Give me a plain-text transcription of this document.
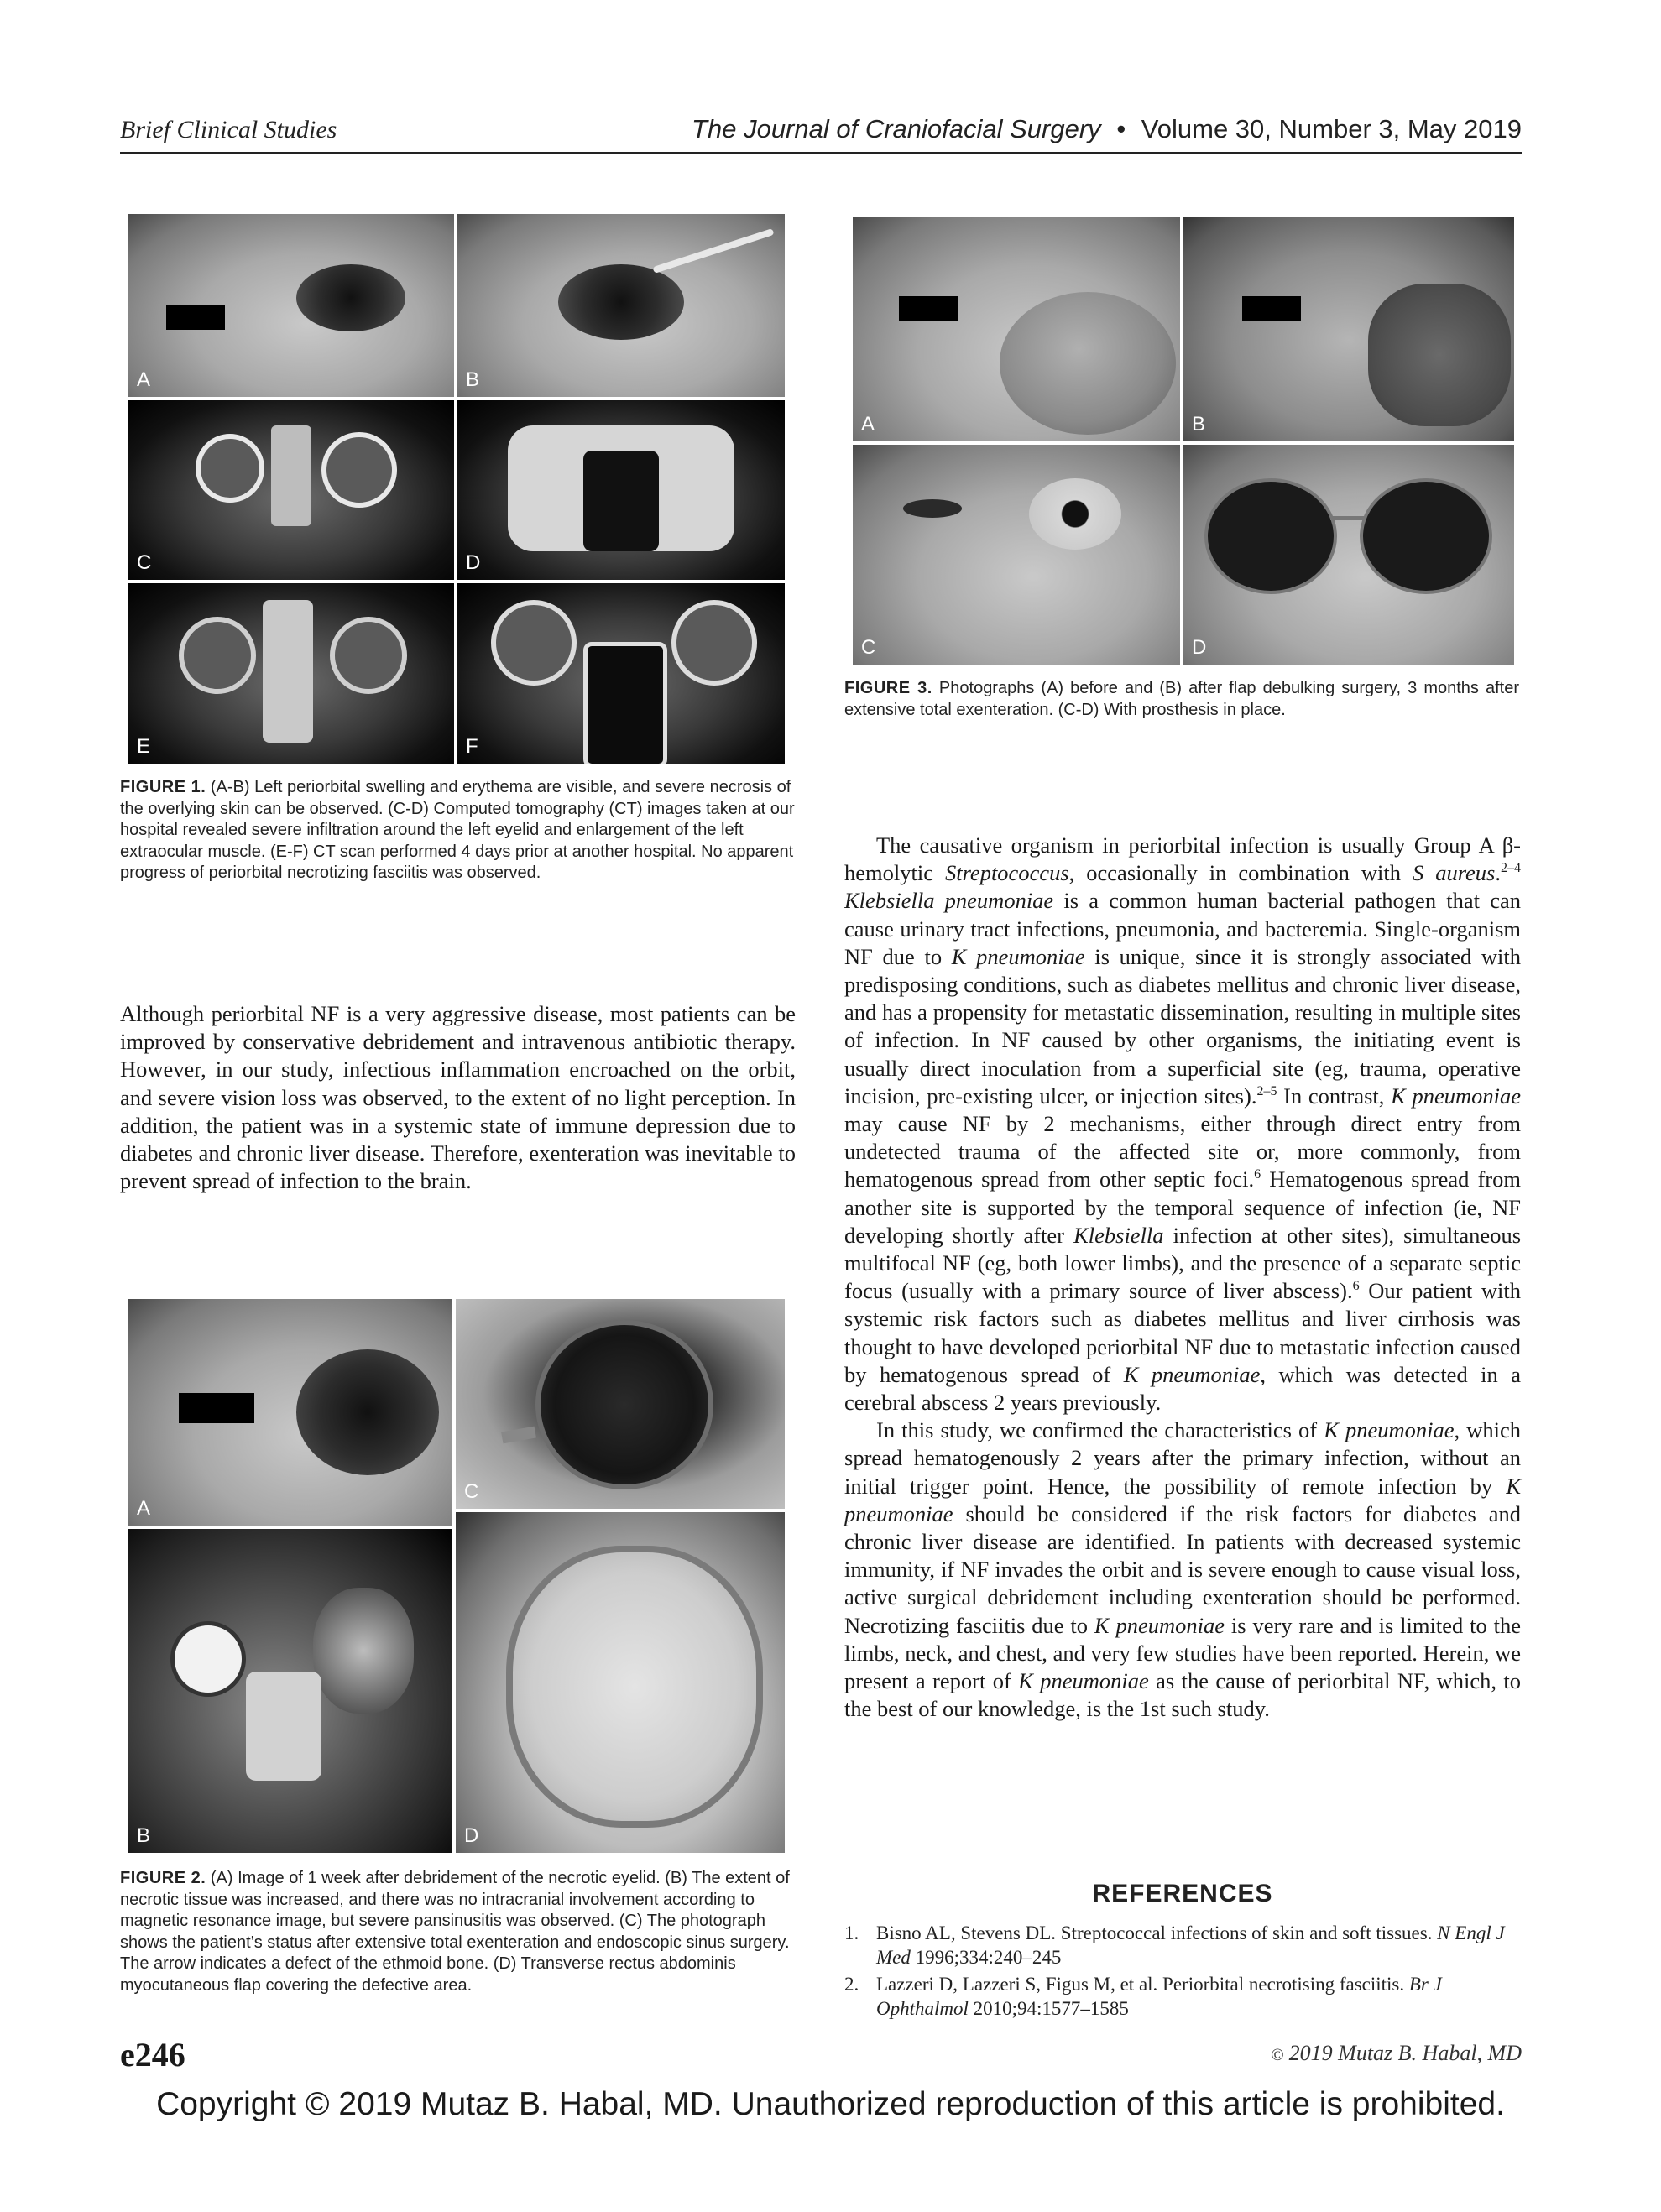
Brief Clinical Studies	The Journal of Craniofacial Surgery • Volume 30, Number 3, May 2019
A	B
C	D
E	F
FIGURE 1. (A-B) Left periorbital swelling and erythema are visible, and severe necrosis of the overlying skin can be observed. (C-D) Computed tomography (CT) images taken at our hospital revealed severe infiltration around the left eyelid and enlargement of the left extraocular muscle. (E-F) CT scan performed 4 days prior at another hospital. No apparent progress of periorbital necrotizing fasciitis was observed.
A	B
C	D
FIGURE 3. Photographs (A) before and (B) after flap debulking surgery, 3 months after extensive total exenteration. (C-D) With prosthesis in place.

Although periorbital NF is a very aggressive disease, most patients can be improved by conservative debridement and intravenous antibiotic therapy. However, in our study, infectious inflammation encroached on the orbit, and severe vision loss was observed, to the extent of no light perception. In addition, the patient was in a systemic state of immune depression due to diabetes and chronic liver disease. Therefore, exenteration was inevitable to prevent spread of infection to the brain.

A
B
C
D
FIGURE 2. (A) Image of 1 week after debridement of the necrotic eyelid. (B) The extent of necrotic tissue was increased, and there was no intracranial involvement according to magnetic resonance image, but severe pansinusitis was observed. (C) The photograph shows the patient’s status after extensive total exenteration and endoscopic sinus surgery. The arrow indicates a defect of the ethmoid bone. (D) Transverse rectus abdominis myocutaneous flap covering the defective area.

The causative organism in periorbital infection is usually Group A β-hemolytic Streptococcus, occasionally in combination with S aureus.$^{2-4}$ Klebsiella pneumoniae is a common human bacterial pathogen that can cause urinary tract infections, pneumonia, and bacteremia. Single-organism NF due to K pneumoniae is unique, since it is strongly associated with predisposing conditions, such as diabetes mellitus and chronic liver disease, and has a propensity for metastatic dissemination, resulting in multiple sites of infection. In NF caused by other organisms, the initiating event is usually direct inoculation from a superficial site (eg, trauma, operative incision, pre-existing ulcer, or injection sites).$^{2-5}$ In contrast, K pneumoniae may cause NF by 2 mechanisms, either through direct entry from undetected trauma of the affected site or, more commonly, from hematogenous spread from other septic foci.$^6$ Hematogenous spread from another site is supported by the temporal sequence of infection (ie, NF developing shortly after Klebsiella infection at other sites), simultaneous multifocal NF (eg, both lower limbs), and the presence of a separate septic focus (usually with a primary source of liver abscess).$^6$ Our patient with systemic risk factors such as diabetes mellitus and liver cirrhosis was thought to have developed periorbital NF due to metastatic infection caused by hematogenous spread of K pneumoniae, which was detected in a cerebral abscess 2 years previously.

In this study, we confirmed the characteristics of K pneumoniae, which spread hematogenously 2 years after the primary infection, without an initial trigger point. Hence, the possibility of remote infection by K pneumoniae should be considered if the risk factors for diabetes and chronic liver disease are identified. In patients with decreased systemic immunity, if NF invades the orbit and is severe enough to cause visual loss, active surgical debridement including exenteration should be performed. Necrotizing fasciitis due to K pneumoniae is very rare and is limited to the limbs, neck, and chest, and very few studies have been reported. Herein, we present a report of K pneumoniae as the cause of periorbital NF, which, to the best of our knowledge, is the 1st such study.

REFERENCES
1. Bisno AL, Stevens DL. Streptococcal infections of skin and soft tissues. N Engl J Med 1996;334:240–245
2. Lazzeri D, Lazzeri S, Figus M, et al. Periorbital necrotising fasciitis. Br J Ophthalmol 2010;94:1577–1585
e246	© 2019 Mutaz B. Habal, MD
Copyright © 2019 Mutaz B. Habal, MD. Unauthorized reproduction of this article is prohibited.
